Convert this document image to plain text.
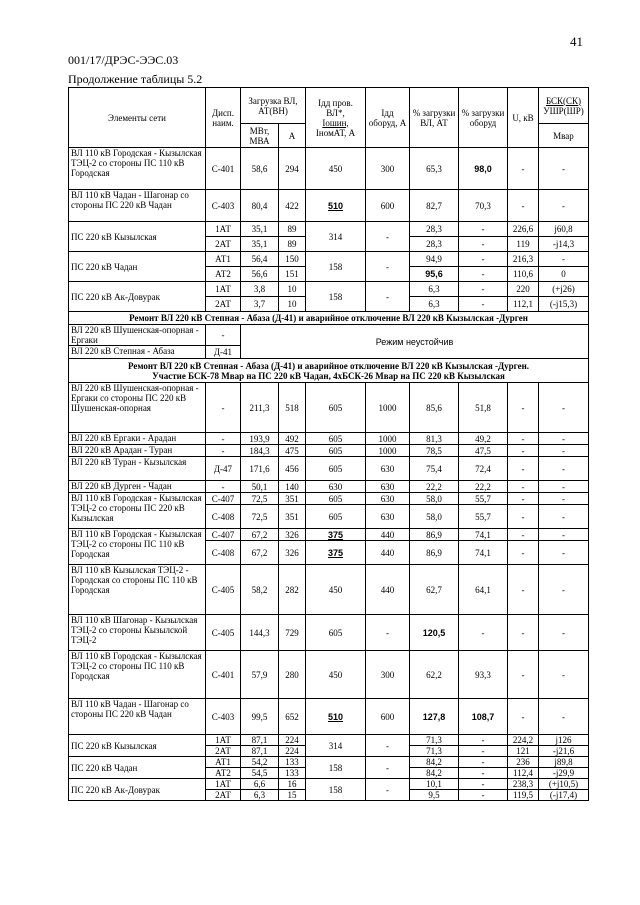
41
001/17/ДРЭС-ЭЭС.03
Продолжение таблицы 5.2
Элементы сети	Дисп. наим.	Загрузка ВЛ, АТ(ВН)		Iдд пров. ВЛ*,
Iошин,
IномАТ, А	Iдд оборуд, А	% загрузки ВЛ, АТ	% загрузки оборуд	U, кВ	БСК(СК)
УШР(ШР)
		МВт, МВА	А						Мвар
ВЛ 110 кВ Городская - Кызылская ТЭЦ-2 со стороны ПС 110 кВ Городская	С-401	58,6	294	450	300	65,3	98,0	-	-
ВЛ 110 кВ Чадан - Шагонар со стороны ПС 220 кВ Чадан	С-403	80,4	422	510	600	82,7	70,3	-	-
ПС 220 кВ Кызылская	1АТ	35,1	89	314	-	28,3	-	226,6	j60,8
	2АТ	35,1	89			28,3	-	119	-j14,3
ПС 220 кВ Чадан	АТ1	56,4	150	158	-	94,9	-	216,3	-
	АТ2	56,6	151			95,6	-	110,6	0
ПС 220 кВ Ак-Довурак	1АТ	3,8	10	158	-	6,3	-	220	(+j26)
	2АТ	3,7	10			6,3	-	112,1	(-j15,3)
Ремонт ВЛ 220 кВ Степная - Абаза (Д-41) и аварийное отключение ВЛ 220 кВ Кызылская -Дурген									
ВЛ 220 кВ Шушенская-опорная - Ергаки	-	Режим неустойчив							
ВЛ 220 кВ Степная - Абаза	Д-41								
Ремонт ВЛ 220 кВ Степная - Абаза (Д-41) и аварийное отключение ВЛ 220 кВ Кызылская -Дурген.
Участие БСК-78 Мвар на ПС 220 кВ Чадан, 4хБСК-26 Мвар на ПС 220 кВ Кызылская									
ВЛ 220 кВ Шушенская-опорная - Ергаки со стороны ПС 220 кВ Шушенская-опорная	-	211,3	518	605	1000	85,6	51,8	-	-
ВЛ 220 кВ Ергаки - Арадан	-	193,9	492	605	1000	81,3	49,2	-	-
ВЛ 220 кВ Арадан - Туран	-	184,3	475	605	1000	78,5	47,5	-	-
ВЛ 220 кВ Туран - Кызылская	Д-47	171,6	456	605	630	75,4	72,4	-	-
ВЛ 220 кВ Дурген - Чадан	-	50,1	140	630	630	22,2	22,2	-	-
ВЛ 110 кВ Городская - Кызылская ТЭЦ-2 со стороны ПС 220 кВ Кызылская	С-407	72,5	351	605	630	58,0	55,7	-	-
	С-408	72,5	351	605	630	58,0	55,7	-	-
ВЛ 110 кВ Городская - Кызылская ТЭЦ-2 со стороны ПС 110 кВ Городская	С-407	67,2	326	375	440	86,9	74,1	-	-
	С-408	67,2	326	375	440	86,9	74,1	-	-
ВЛ 110 кВ Кызылская ТЭЦ-2 - Городская со стороны ПС 110 кВ Городская	С-405	58,2	282	450	440	62,7	64,1	-	-
ВЛ 110 кВ Шагонар - Кызылская ТЭЦ-2 со стороны Кызылской ТЭЦ-2	С-405	144,3	729	605	-	120,5	-	-	-
ВЛ 110 кВ Городская - Кызылская ТЭЦ-2 со стороны ПС 110 кВ Городская	С-401	57,9	280	450	300	62,2	93,3	-	-
ВЛ 110 кВ Чадан - Шагонар со стороны ПС 220 кВ Чадан	С-403	99,5	652	510	600	127,8	108,7	-	-
ПС 220 кВ Кызылская	1АТ	87,1	224	314	-	71,3	-	224,2	j126
	2АТ	87,1	224			71,3	-	121	-j21,6
ПС 220 кВ Чадан	АТ1	54,2	133	158	-	84,2	-	236	j89,8
	АТ2	54,5	133			84,2	-	112,4	-j29,9
ПС 220 кВ Ак-Довурак	1АТ	6,6	16	158	-	10,1	-	238,3	(+j10,5)
	2АТ	6,3	15			9,5	-	119,5	(-j17,4)
